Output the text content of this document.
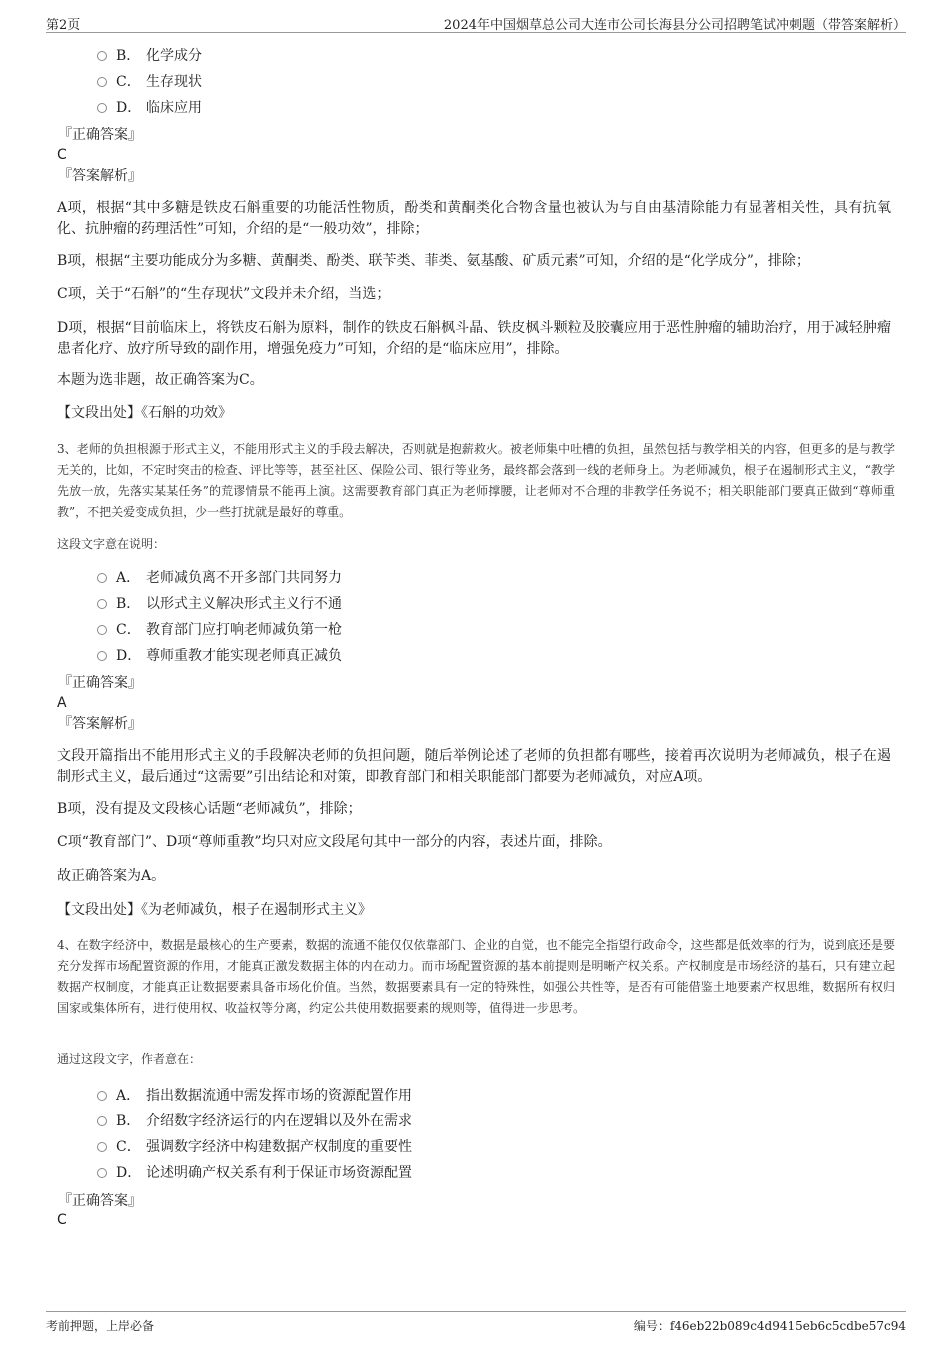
第2页	2024年中国烟草总公司大连市公司长海县分公司招聘笔试冲刺题（带答案解析）
B． 化学成分
C． 生存现状
D． 临床应用
『正确答案』
C
『答案解析』
A项，根据“其中多糖是铁皮石斛重要的功能活性物质，酚类和黄酮类化合物含量也被认为与自由基清除能力有显著相关性，具有抗氧化、抗肿瘤的药理活性”可知，介绍的是“一般功效”，排除；
B项，根据“主要功能成分为多糖、黄酮类、酚类、联苄类、菲类、氨基酸、矿质元素”可知，介绍的是“化学成分”，排除；
C项，关于“石斛”的“生存现状”文段并未介绍，当选；
D项，根据“目前临床上，将铁皮石斛为原料，制作的铁皮石斛枫斗晶、铁皮枫斗颗粒及胶囊应用于恶性肿瘤的辅助治疗，用于减轻肿瘤患者化疗、放疗所导致的副作用，增强免疫力”可知，介绍的是“临床应用”，排除。
本题为选非题，故正确答案为C。
【文段出处】《石斛的功效》
3、老师的负担根源于形式主义，不能用形式主义的手段去解决，否则就是抱薪救火。被老师集中吐槽的负担，虽然包括与教学相关的内容，但更多的是与教学无关的，比如，不定时突击的检查、评比等等，甚至社区、保险公司、银行等业务，最终都会落到一线的老师身上。为老师减负，根子在遏制形式主义，“教学先放一放，先落实某某任务”的荒谬情景不能再上演。这需要教育部门真正为老师撑腰，让老师对不合理的非教学任务说不；相关职能部门要真正做到“尊师重教”，不把关爱变成负担，少一些打扰就是最好的尊重。
这段文字意在说明：
A． 老师减负离不开多部门共同努力
B． 以形式主义解决形式主义行不通
C． 教育部门应打响老师减负第一枪
D． 尊师重教才能实现老师真正减负
『正确答案』
A
『答案解析』
文段开篇指出不能用形式主义的手段解决老师的负担问题，随后举例论述了老师的负担都有哪些，接着再次说明为老师减负，根子在遏制形式主义，最后通过“这需要”引出结论和对策，即教育部门和相关职能部门都要为老师减负，对应A项。
B项，没有提及文段核心话题“老师减负”，排除；
C项“教育部门”、D项“尊师重教”均只对应文段尾句其中一部分的内容，表述片面，排除。
故正确答案为A。
【文段出处】《为老师减负，根子在遏制形式主义》
4、在数字经济中，数据是最核心的生产要素，数据的流通不能仅仅依靠部门、企业的自觉，也不能完全指望行政命令，这些都是低效率的行为，说到底还是要充分发挥市场配置资源的作用，才能真正激发数据主体的内在动力。而市场配置资源的基本前提则是明晰产权关系。产权制度是市场经济的基石，只有建立起数据产权制度，才能真正让数据要素具备市场化价值。当然，数据要素具有一定的特殊性，如强公共性等，是否有可能借鉴土地要素产权思维，数据所有权归国家或集体所有，进行使用权、收益权等分离，约定公共使用数据要素的规则等，值得进一步思考。
通过这段文字，作者意在：
A． 指出数据流通中需发挥市场的资源配置作用
B． 介绍数字经济运行的内在逻辑以及外在需求
C． 强调数字经济中构建数据产权制度的重要性
D． 论述明确产权关系有利于保证市场资源配置
『正确答案』
C
考前押题，上岸必备	编号：f46eb22b089c4d9415eb6c5cdbe57c94
